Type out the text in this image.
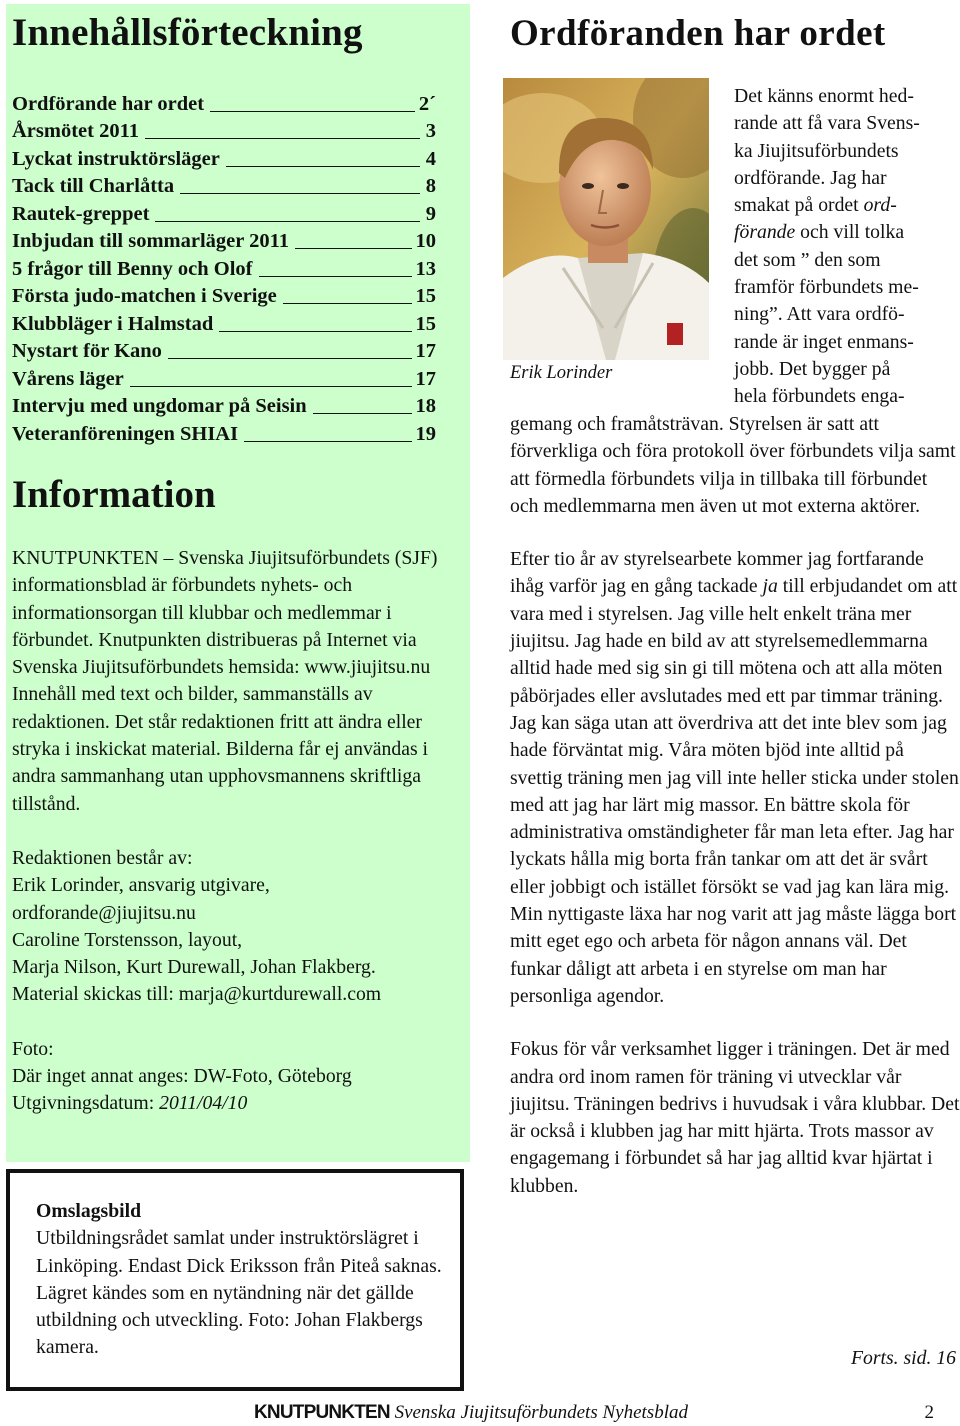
Innehållsförteckning
Ordförande har ordet	2´
Årsmötet 2011	3
Lyckat instruktörsläger	4
Tack till Charlåtta	8
Rautek-greppet	9
Inbjudan till sommarläger 2011	10
5 frågor till Benny och Olof	13
Första judo-matchen i Sverige	15
Klubbläger i Halmstad	15
Nystart för Kano	17
Vårens läger	17
Intervju med ungdomar på Seisin	18
Veteranföreningen SHIAI	19
Information

KNUTPUNKTEN – Svenska Jiujitsuförbundets (SJF) informationsblad är förbundets nyhets- och informationsorgan till klubbar och medlemmar i förbundet. Knutpunkten distribueras på Internet via Svenska Jiujitsuförbundets hemsida: www.jiujitsu.nu

Innehåll med text och bilder, sammanställs av redaktionen. Det står redaktionen fritt att ändra eller stryka i inskickat material. Bilderna får ej användas i andra sammanhang utan upphovsmannens skriftliga tillstånd.

Redaktionen består av:

Erik Lorinder, ansvarig utgivare,

ordforande@jiujitsu.nu

Caroline Torstensson, layout,

Marja Nilson, Kurt Durewall, Johan Flakberg.

Material skickas till: marja@kurtdurewall.com

Foto:

Där inget annat anges: DW-Foto, Göteborg

Utgivningsdatum: 2011/04/10

Omslagsbild
Utbildningsrådet samlat under instruktörslägret i Linköping. Endast Dick Eriksson från Piteå saknas. Lägret kändes som en nytändning när det gällde utbildning och utveckling. Foto: Johan Flakbergs kamera.
Ordföranden har ordet
Erik Lorinder
Det känns enormt hed-
rande att få vara Svens-
ka Jiujitsuförbundets
ordförande. Jag har
smakat på ordet ord-
förande och vill tolka
det som ” den som
framför förbundets me-
ning”. Att vara ordfö-
rande är inget enmans-
jobb. Det bygger på
hela förbundets enga-

gemang och framåtsträvan. Styrelsen är satt att förverkliga och föra protokoll över förbundets vilja samt att förmedla förbundets vilja in tillbaka till förbundet och medlemmarna men även ut mot externa aktörer.

Efter tio år av styrelsearbete kommer jag fortfarande ihåg varför jag en gång tackade ja till erbjudandet om att vara med i styrelsen. Jag ville helt enkelt träna mer jiujitsu. Jag hade en bild av att styrelsemedlemmarna alltid hade med sig sin gi till mötena och att alla möten påbörjades eller avslutades med ett par timmar träning. Jag kan säga utan att överdriva att det inte blev som jag hade förväntat mig. Våra möten bjöd inte alltid på svettig träning men jag vill inte heller sticka under stolen med att jag har lärt mig massor. En bättre skola för administrativa omständigheter får man leta efter. Jag har lyckats hålla mig borta från tankar om att det är svårt eller jobbigt och istället försökt se vad jag kan lära mig. Min nyttigaste läxa har nog varit att jag måste lägga bort mitt eget ego och arbeta för någon annans väl. Det funkar dåligt att arbeta i en styrelse om man har personliga agendor.

Fokus för vår verksamhet ligger i träningen. Det är med andra ord inom ramen för träning vi utvecklar vår jiujitsu. Träningen bedrivs i huvudsak i våra klubbar. Det är också i klubben jag har mitt hjärta. Trots massor av engagemang i förbundet så har jag alltid kvar hjärtat i klubben.

Forts. sid. 16
KNUTPUNKTEN Svenska Jiujitsuförbundets Nyhetsblad	2
